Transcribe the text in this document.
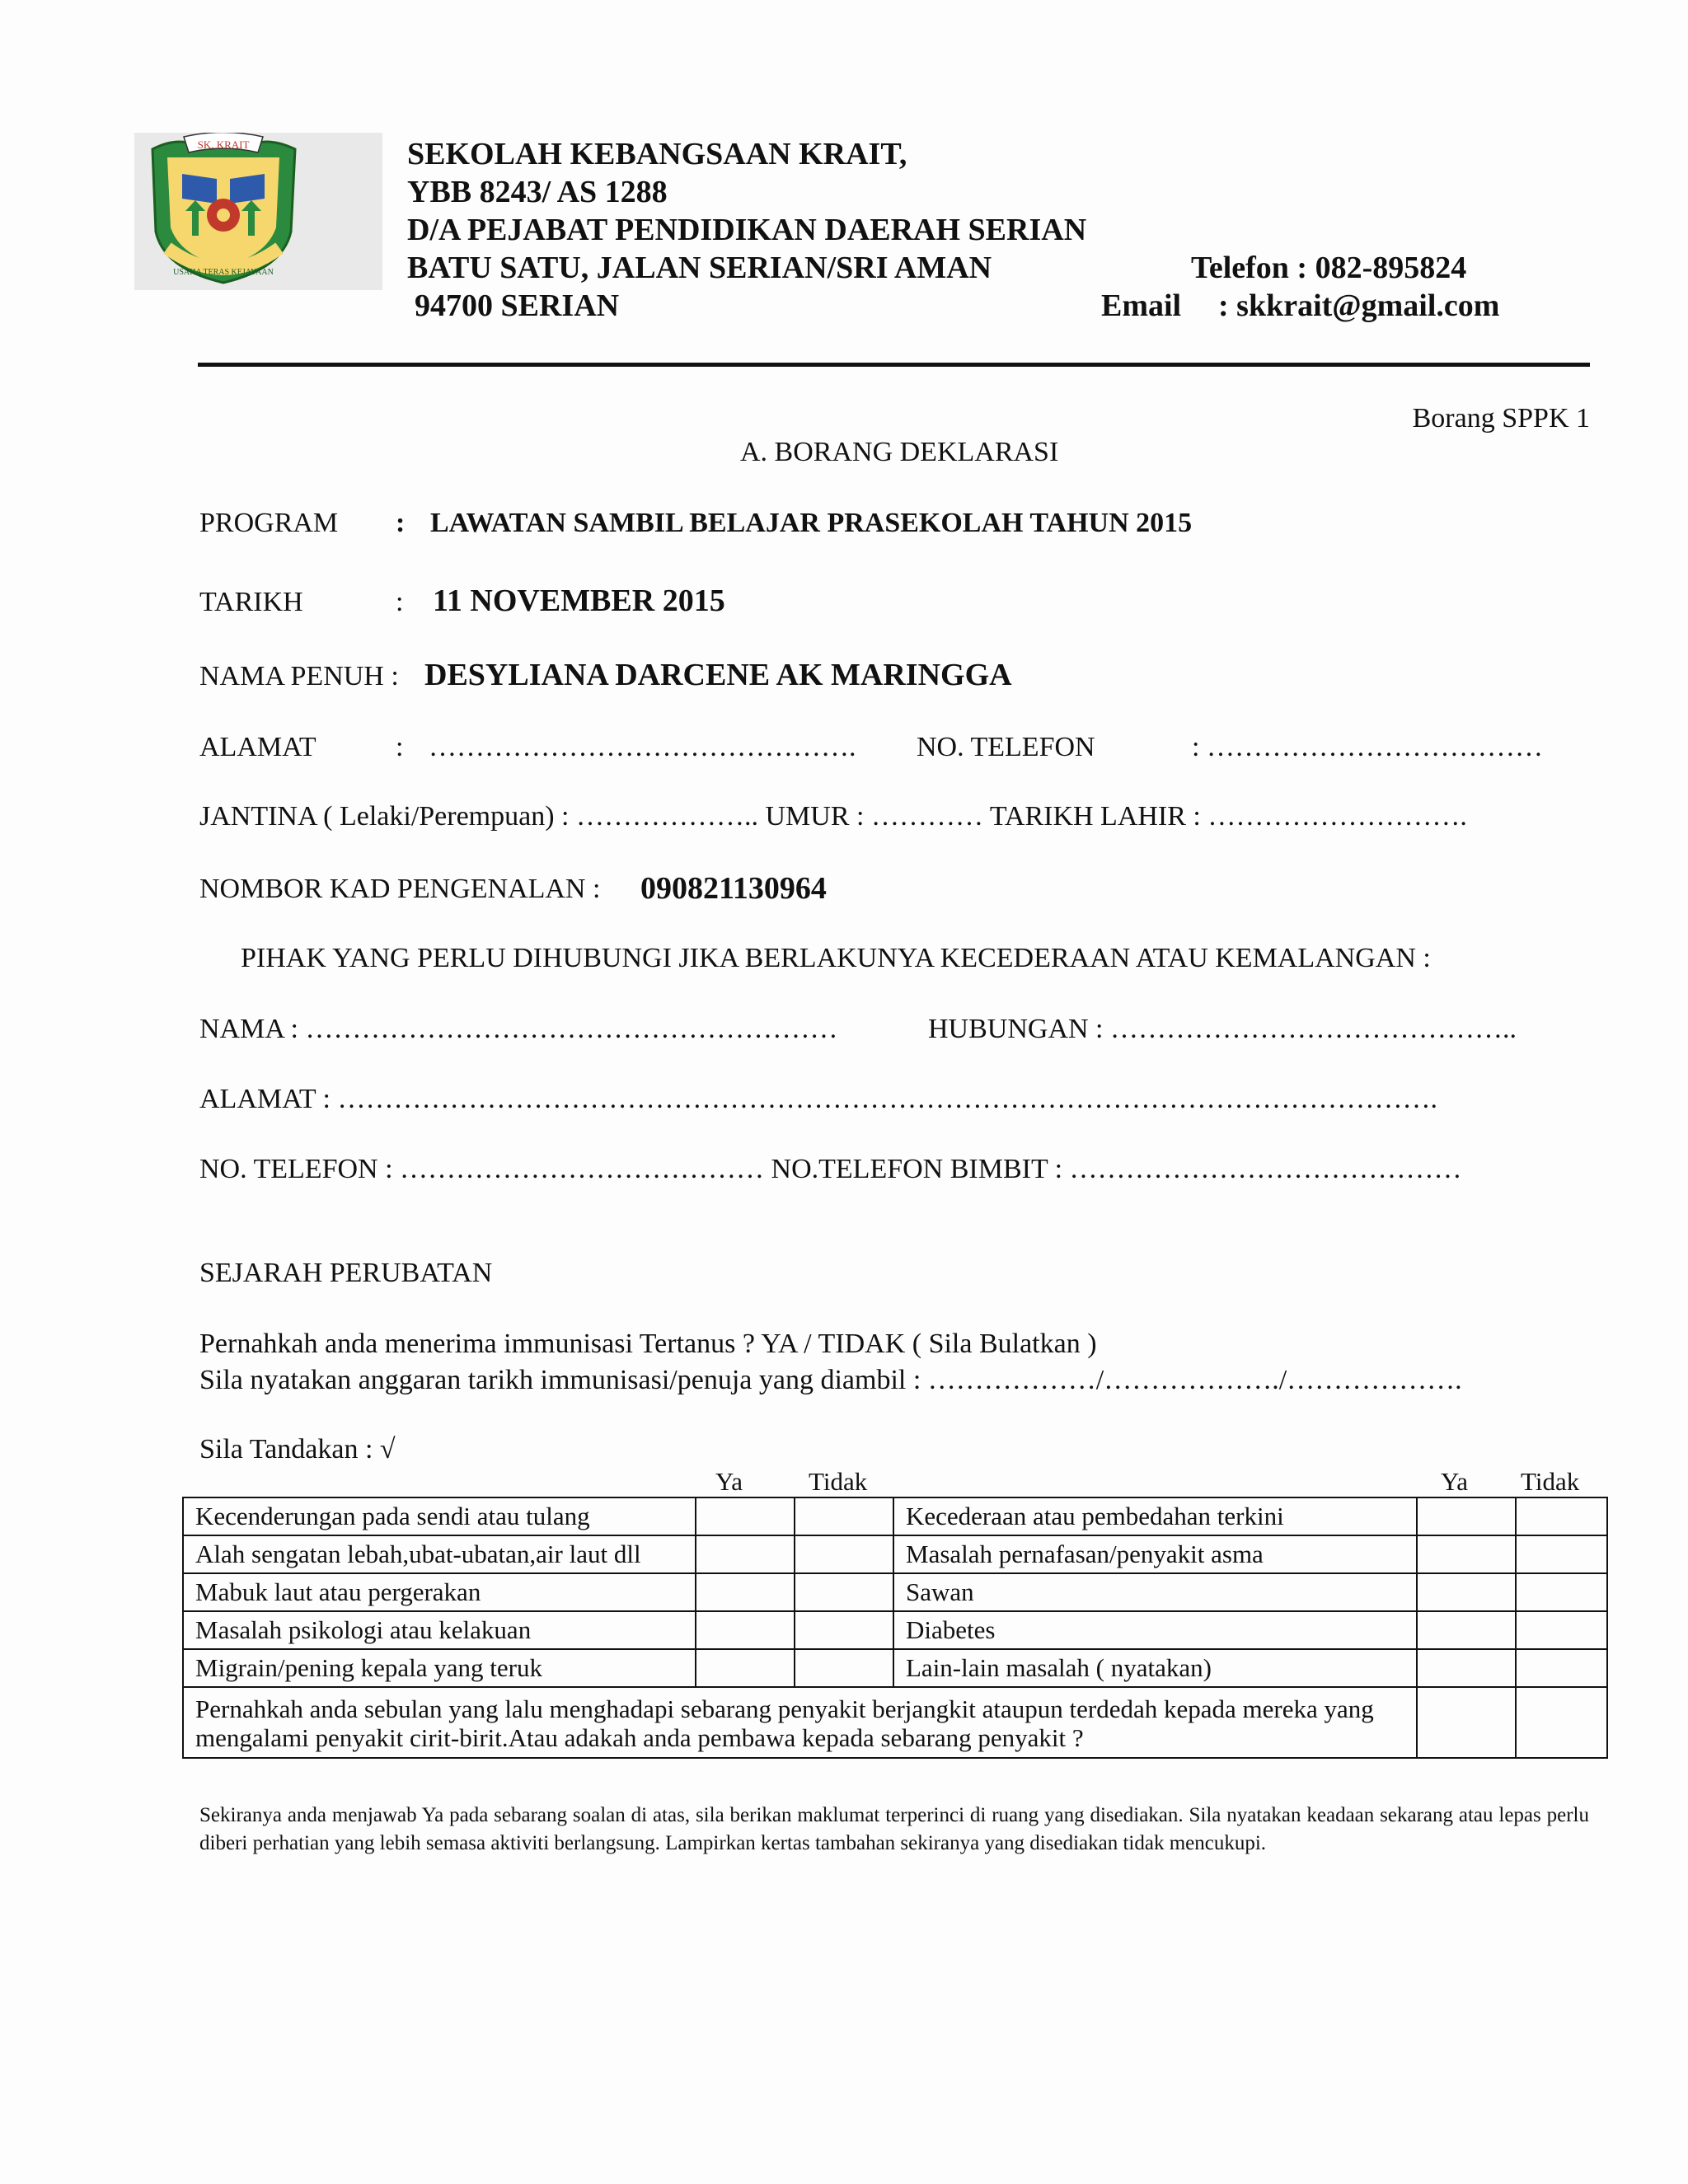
SK. KRAIT
USAHA TERAS KEJAYAAN
SEKOLAH KEBANGSAAN KRAIT,
YBB 8243/ AS 1288
D/A PEJABAT PENDIDIKAN DAERAH SERIAN
BATU SATU, JALAN SERIAN/SRI AMAN
94700 SERIAN
Telefon : 082-895824
Email : skkrait@gmail.com
Borang SPPK 1
A. BORANG DEKLARASI
PROGRAM : LAWATAN SAMBIL BELAJAR PRASEKOLAH TAHUN 2015
TARIKH	: 11 NOVEMBER 2015
NAMA PENUH : DESYLIANA DARCENE AK MARINGGA
ALAMAT	: ………………………………………. NO. TELEFON	: ………………………………
JANTINA ( Lelaki/Perempuan) : ……………….. UMUR : ………… TARIKH LAHIR : ……………………….
NOMBOR KAD PENGENALAN : 090821130964
PIHAK YANG PERLU DIHUBUNGI JIKA BERLAKUNYA KECEDERAAN ATAU KEMALANGAN :
NAMA : …………………………………………………	HUBUNGAN : ……………………………………..
ALAMAT : ……………………………………………………………………………………………………….
NO. TELEFON : ………………………………… NO.TELEFON BIMBIT : ……………………………………
SEJARAH PERUBATAN
Pernahkah anda menerima immunisasi Tertanus ? YA / TIDAK ( Sila Bulatkan )
Sila nyatakan anggaran tarikh immunisasi/penuja yang diambil : ………………/………………./……………….
Sila Tandakan : √
Ya	Tidak	Ya Tidak
Kecenderungan pada sendi atau tulang			Kecederaan atau pembedahan terkini		
Alah sengatan lebah,ubat-ubatan,air laut dll			Masalah pernafasan/penyakit asma		
Mabuk laut atau pergerakan			Sawan		
Masalah psikologi atau kelakuan			Diabetes		
Migrain/pening kepala yang teruk			Lain-lain masalah ( nyatakan)		
Pernahkah anda sebulan yang lalu menghadapi sebarang penyakit berjangkit ataupun terdedah kepada mereka yang mengalami penyakit cirit-birit.Atau adakah anda pembawa kepada sebarang penyakit ?					
Sekiranya anda menjawab Ya pada sebarang soalan di atas, sila berikan maklumat terperinci di ruang yang disediakan. Sila nyatakan keadaan sekarang atau lepas perlu diberi perhatian yang lebih semasa aktiviti berlangsung. Lampirkan kertas tambahan sekiranya yang disediakan tidak mencukupi.
